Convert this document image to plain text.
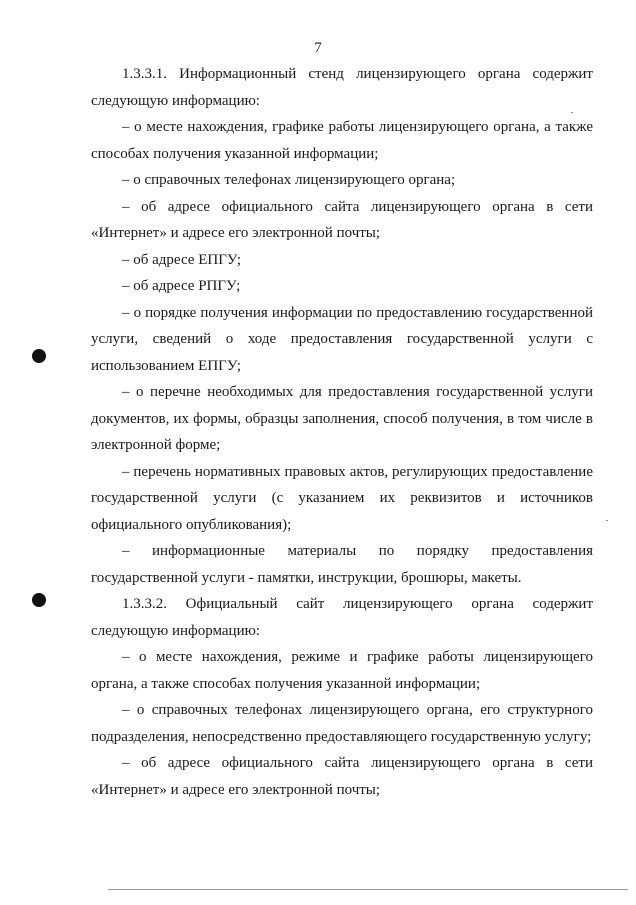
7

1.3.3.1. Информационный стенд лицензирующего органа содержит следующую информацию:

– о месте нахождения, графике работы лицензирующего органа, а также способах получения указанной информации;

– о справочных телефонах лицензирующего органа;

– об адресе официального сайта лицензирующего органа в сети «Интернет» и адресе его электронной почты;

– об адресе ЕПГУ;

– об адресе РПГУ;

– о порядке получения информации по предоставлению государственной услуги, сведений о ходе предоставления государственной услуги с использованием ЕПГУ;

– о перечне необходимых для предоставления государственной услуги документов, их формы, образцы заполнения, способ получения, в том числе в электронной форме;

– перечень нормативных правовых актов, регулирующих предоставление государственной услуги (с указанием их реквизитов и источников официального опубликования);

– информационные материалы по порядку предоставления государственной услуги - памятки, инструкции, брошюры, макеты.

1.3.3.2. Официальный сайт лицензирующего органа содержит следующую информацию:

– о месте нахождения, режиме и графике работы лицензирующего органа, а также способах получения указанной информации;

– о справочных телефонах лицензирующего органа, его структурного подразделения, непосредственно предоставляющего государственную услугу;

– об адресе официального сайта лицензирующего органа в сети «Интернет» и адресе его электронной почты;
